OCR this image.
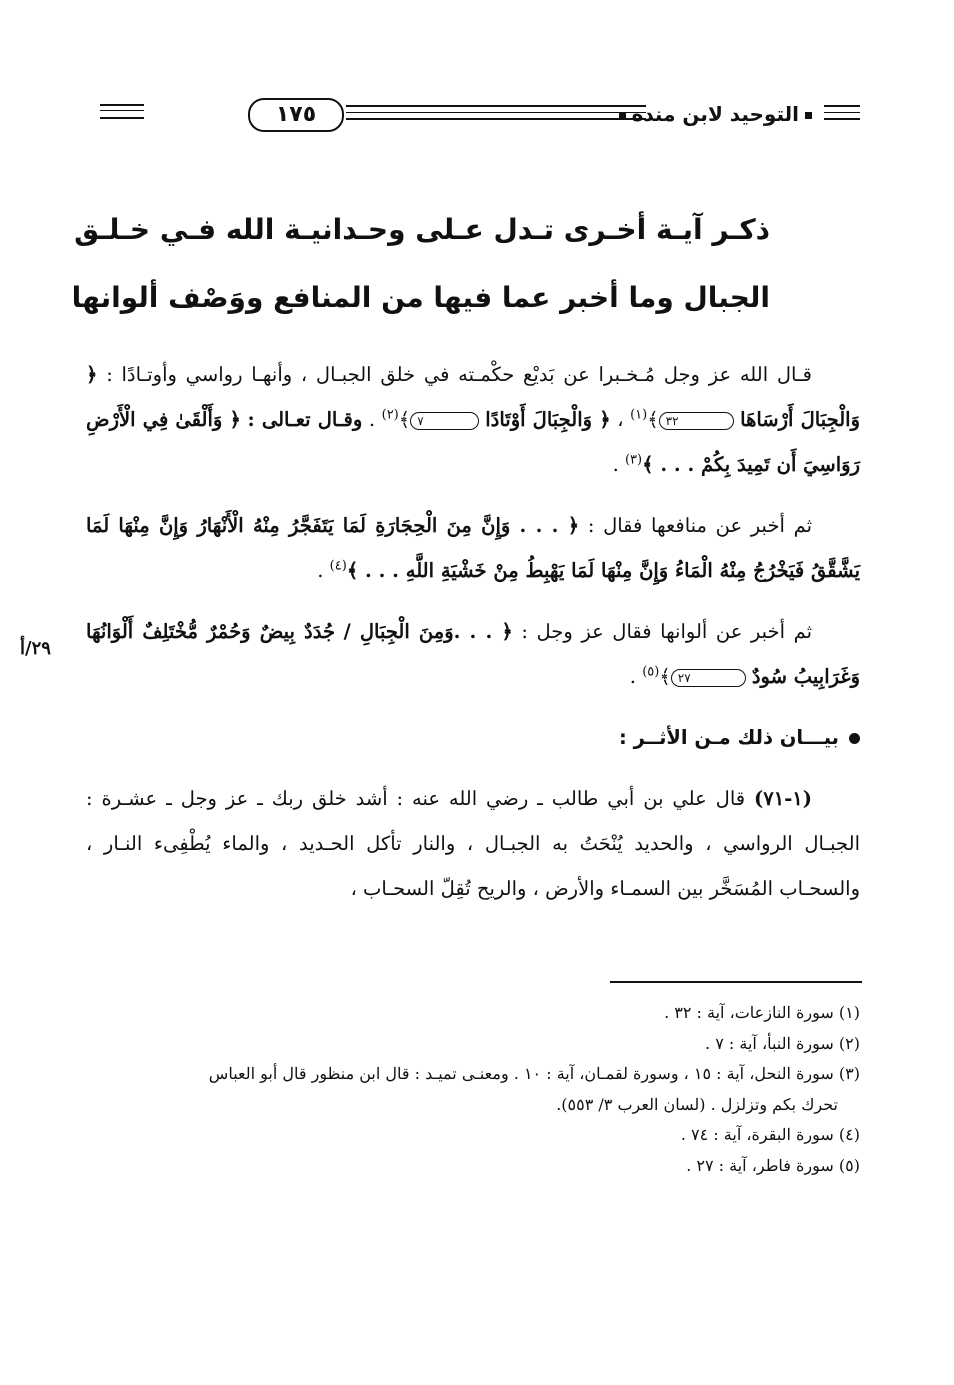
١٧٥	التوحيد لابن منده
ذكـر آيـة أخـرى تـدل عـلى وحـدانيـة الله فـي خـلـق
الجبال وما أخبر عما فيها من المنافع ووَصْف ألوانها

قـال الله عز وجل مُـخـبرا عن بَديْع حكْمـته في خلق الجبـال ، وأنهـا رواسي وأوتـادًا : ﴿ وَالْجِبَالَ أَرْسَاهَا ٣٢﴾$^{(١)}$ ، ﴿ وَالْجِبَالَ أَوْتَادًا ٧﴾$^{(٢)}$ . وقـال تعـالى : ﴿ وَأَلْقَىٰ فِي الْأَرْضِ رَوَاسِيَ أَن تَمِيدَ بِكُمْ . . . ﴾$^{(٣)}$ .

ثم أخبر عن منافعها فقال : ﴿ . . . وَإِنَّ مِنَ الْحِجَارَةِ لَمَا يَتَفَجَّرُ مِنْهُ الْأَنْهَارُ وَإِنَّ مِنْهَا لَمَا يَشَّقَّقُ فَيَخْرُجُ مِنْهُ الْمَاءُ وَإِنَّ مِنْهَا لَمَا يَهْبِطُ مِنْ خَشْيَةِ اللَّهِ . . . ﴾$^{(٤)}$ .

ثم أخبر عن ألوانها فقال عز وجل : ﴿ . . .وَمِنَ الْجِبَالِ / جُدَدٌ بِيضٌ وَحُمْرٌ مُّخْتَلِفٌ أَلْوَانُهَا وَغَرَابِيبُ سُودٌ ٢٧﴾$^{(٥)}$ .

بيـــان ذلك مـن الأثــر :

(١-٧١) قال علي بن أبي طالب ـ رضي الله عنه : أشد خلق ربك ـ عز وجل ـ عشـرة : الجبـال الرواسي ، والحديد يُنْحَتُ به الجبـال ، والنار تأكل الحـديد ، والماء يُطْفِىء النـار ، والسحـاب المُسَخَّر بين السمـاء والأرض ، والريح تُقِلّ السحـاب ،

٢٩/أ
(١) سورة النازعات، آية : ٣٢ .
(٢) سورة النبأ، آية : ٧ .
(٣) سورة النحل، آية : ١٥ ، وسورة لقمـان، آية : ١٠ . ومعنـى تميـد : قال ابن منظور قال أبو العباس
تحرك بكم وتزلزل . (لسان العرب ٣/ ٥٥٣).
(٤) سورة البقرة، آية : ٧٤ .
(٥) سورة فاطر، آية : ٢٧ .
